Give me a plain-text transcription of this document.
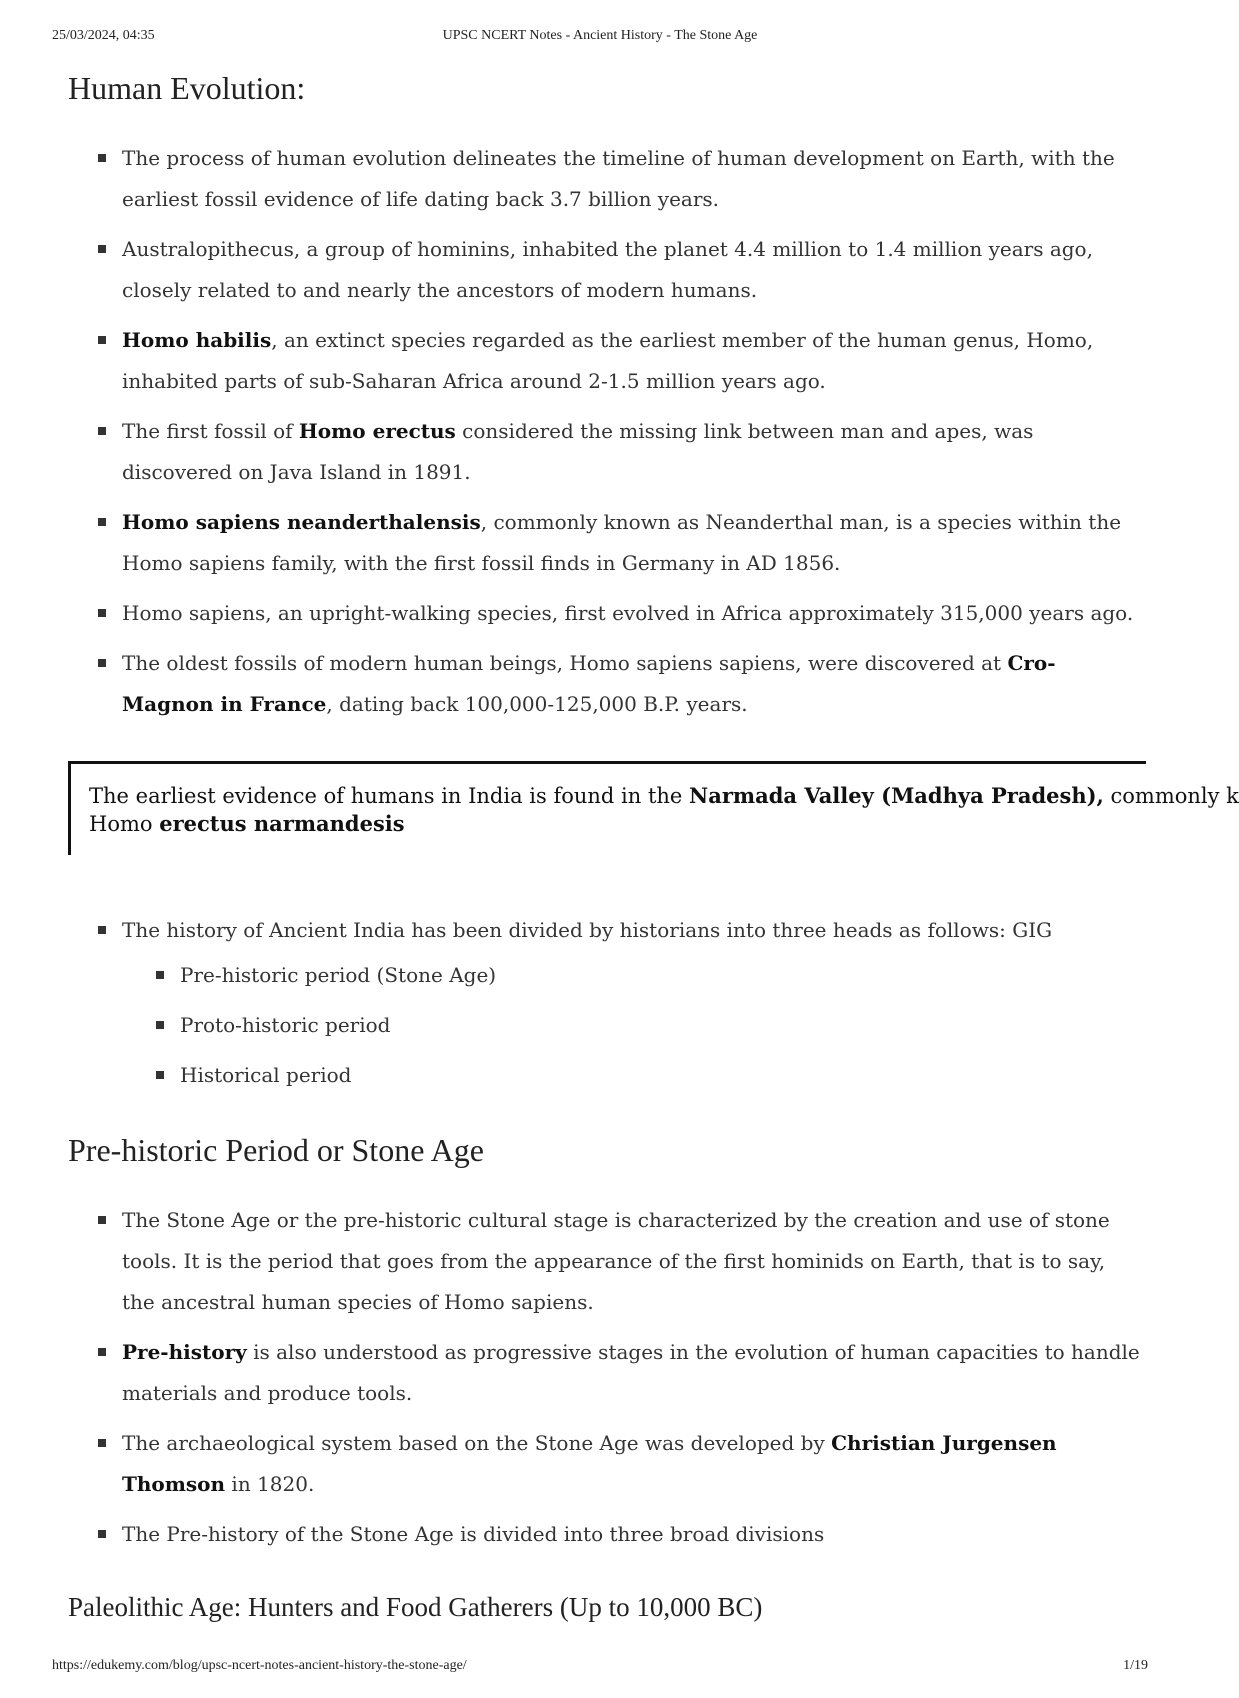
25/03/2024, 04:35	UPSC NCERT Notes - Ancient History - The Stone Age
Human Evolution:
The process of human evolution delineates the timeline of human development on Earth, with the earliest fossil evidence of life dating back 3.7 billion years.
Australopithecus, a group of hominins, inhabited the planet 4.4 million to 1.4 million years ago, closely related to and nearly the ancestors of modern humans.
Homo habilis, an extinct species regarded as the earliest member of the human genus, Homo, inhabited parts of sub-Saharan Africa around 2-1.5 million years ago.
The first fossil of Homo erectus considered the missing link between man and apes, was discovered on Java Island in 1891.
Homo sapiens neanderthalensis, commonly known as Neanderthal man, is a species within the Homo sapiens family, with the first fossil finds in Germany in AD 1856.
Homo sapiens, an upright-walking species, first evolved in Africa approximately 315,000 years ago.
The oldest fossils of modern human beings, Homo sapiens sapiens, were discovered at Cro-Magnon in France, dating back 100,000-125,000 B.P. years.

The earliest evidence of humans in India is found in the Narmada Valley (Madhya Pradesh), commonly k
Homo erectus narmandesis

The history of Ancient India has been divided by historians into three heads as follows: GIG
Pre-historic period (Stone Age)
Proto-historic period
Historical period
Pre-historic Period or Stone Age
The Stone Age or the pre-historic cultural stage is characterized by the creation and use of stone tools. It is the period that goes from the appearance of the first hominids on Earth, that is to say, the ancestral human species of Homo sapiens.
Pre-history is also understood as progressive stages in the evolution of human capacities to handle materials and produce tools.
The archaeological system based on the Stone Age was developed by Christian Jurgensen Thomson in 1820.
The Pre-history of the Stone Age is divided into three broad divisions
Paleolithic Age: Hunters and Food Gatherers (Up to 10,000 BC)
https://edukemy.com/blog/upsc-ncert-notes-ancient-history-the-stone-age/	1/19
